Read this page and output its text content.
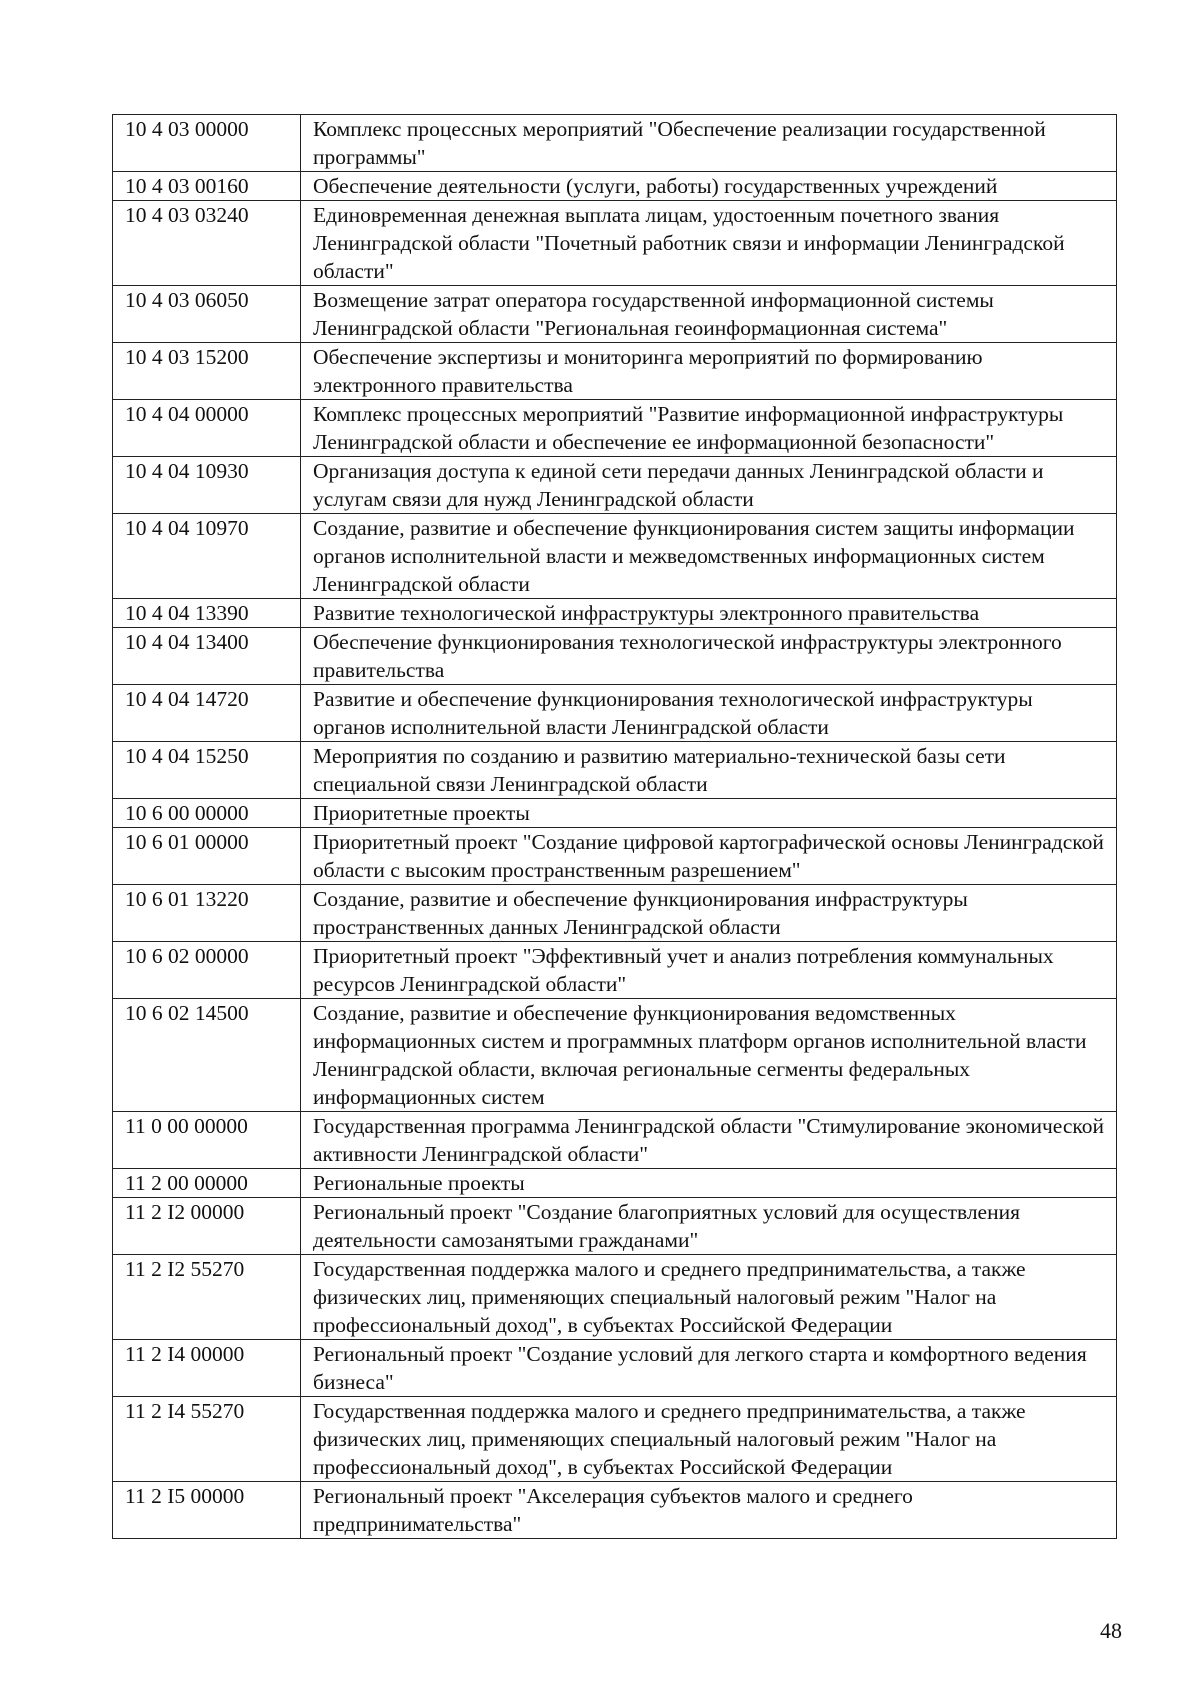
10 4 03 00000	Комплекс процессных мероприятий "Обеспечение реализации государственной программы"
10 4 03 00160	Обеспечение деятельности (услуги, работы) государственных учреждений
10 4 03 03240	Единовременная денежная выплата лицам, удостоенным почетного звания Ленинградской области "Почетный работник связи и информации Ленинградской области"
10 4 03 06050	Возмещение затрат оператора государственной информационной системы Ленинградской области "Региональная геоинформационная система"
10 4 03 15200	Обеспечение экспертизы и мониторинга мероприятий по формированию электронного правительства
10 4 04 00000	Комплекс процессных мероприятий "Развитие информационной инфраструктуры Ленинградской области и обеспечение ее информационной безопасности"
10 4 04 10930	Организация доступа к единой сети передачи данных Ленинградской области и услугам связи для нужд Ленинградской области
10 4 04 10970	Создание, развитие и обеспечение функционирования систем защиты информации органов исполнительной власти и межведомственных информационных систем Ленинградской области
10 4 04 13390	Развитие технологической инфраструктуры электронного правительства
10 4 04 13400	Обеспечение функционирования технологической инфраструктуры электронного правительства
10 4 04 14720	Развитие и обеспечение функционирования технологической инфраструктуры органов исполнительной власти Ленинградской области
10 4 04 15250	Мероприятия по созданию и развитию материально-технической базы сети специальной связи Ленинградской области
10 6 00 00000	Приоритетные проекты
10 6 01 00000	Приоритетный проект "Создание цифровой картографической основы Ленинградской области с высоким пространственным разрешением"
10 6 01 13220	Создание, развитие и обеспечение функционирования инфраструктуры пространственных данных Ленинградской области
10 6 02 00000	Приоритетный проект "Эффективный учет и анализ потребления коммунальных ресурсов Ленинградской области"
10 6 02 14500	Создание, развитие и обеспечение функционирования ведомственных информационных систем и программных платформ органов исполнительной власти Ленинградской области, включая региональные сегменты федеральных информационных систем
11 0 00 00000	Государственная программа Ленинградской области "Стимулирование экономической активности Ленинградской области"
11 2 00 00000	Региональные проекты
11 2 I2 00000	Региональный проект "Создание благоприятных условий для осуществления деятельности самозанятыми гражданами"
11 2 I2 55270	Государственная поддержка малого и среднего предпринимательства, а также физических лиц, применяющих специальный налоговый режим "Налог на профессиональный доход", в субъектах Российской Федерации
11 2 I4 00000	Региональный проект "Создание условий для легкого старта и комфортного ведения бизнеса"
11 2 I4 55270	Государственная поддержка малого и среднего предпринимательства, а также физических лиц, применяющих специальный налоговый режим "Налог на профессиональный доход", в субъектах Российской Федерации
11 2 I5 00000	Региональный проект "Акселерация субъектов малого и среднего предпринимательства"
48
